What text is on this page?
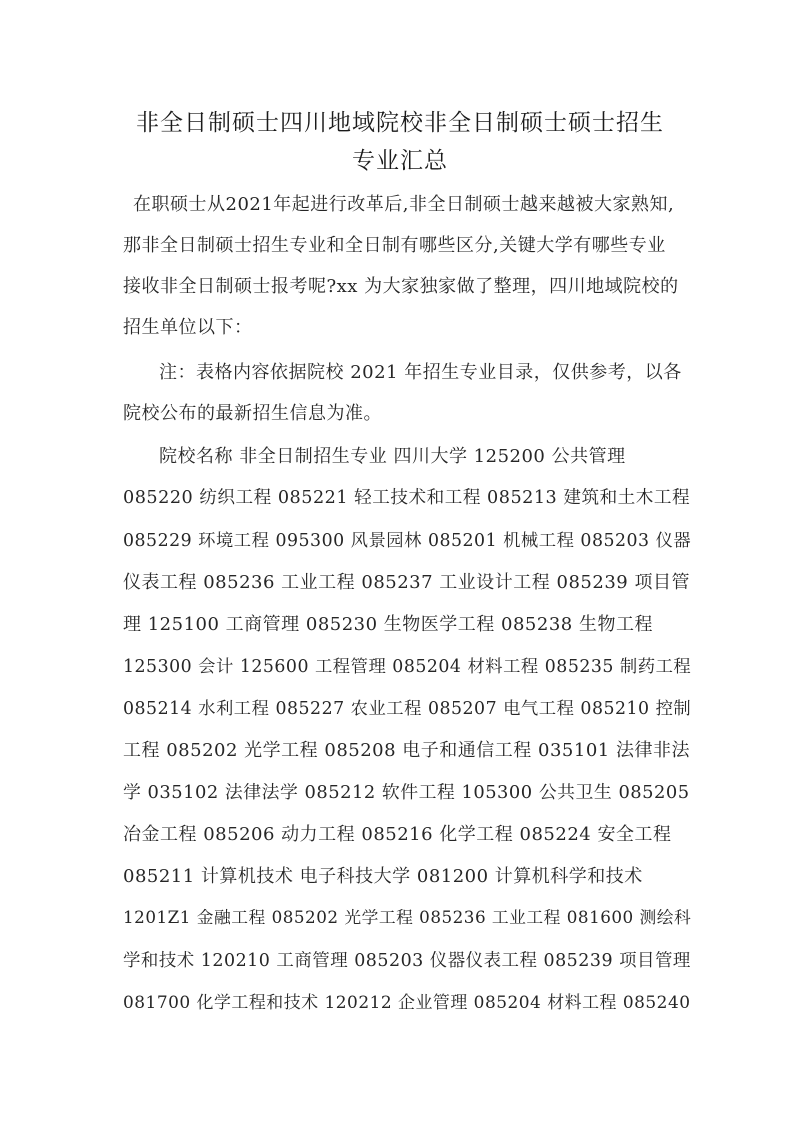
非全日制硕士四川地域院校非全日制硕士硕士招生
专业汇总
在职硕士从2021年起进行改革后,非全日制硕士越来越被大家熟知,
那非全日制硕士招生专业和全日制有哪些区分,关键大学有哪些专业
接收非全日制硕士报考呢?xx 为大家独家做了整理，四川地域院校的
招生单位以下：
注：表格内容依据院校 2021 年招生专业目录，仅供参考，以各
院校公布的最新招生信息为准。
院校名称 非全日制招生专业 四川大学 125200 公共管理
085220 纺织工程 085221 轻工技术和工程 085213 建筑和土木工程
085229 环境工程 095300 风景园林 085201 机械工程 085203 仪器
仪表工程 085236 工业工程 085237 工业设计工程 085239 项目管
理 125100 工商管理 085230 生物医学工程 085238 生物工程
125300 会计 125600 工程管理 085204 材料工程 085235 制药工程
085214 水利工程 085227 农业工程 085207 电气工程 085210 控制
工程 085202 光学工程 085208 电子和通信工程 035101 法律非法
学 035102 法律法学 085212 软件工程 105300 公共卫生 085205
冶金工程 085206 动力工程 085216 化学工程 085224 安全工程
085211 计算机技术 电子科技大学 081200 计算机科学和技术
1201Z1 金融工程 085202 光学工程 085236 工业工程 081600 测绘科
学和技术 120210 工商管理 085203 仪器仪表工程 085239 项目管理
081700 化学工程和技术 120212 企业管理 085204 材料工程 085240
